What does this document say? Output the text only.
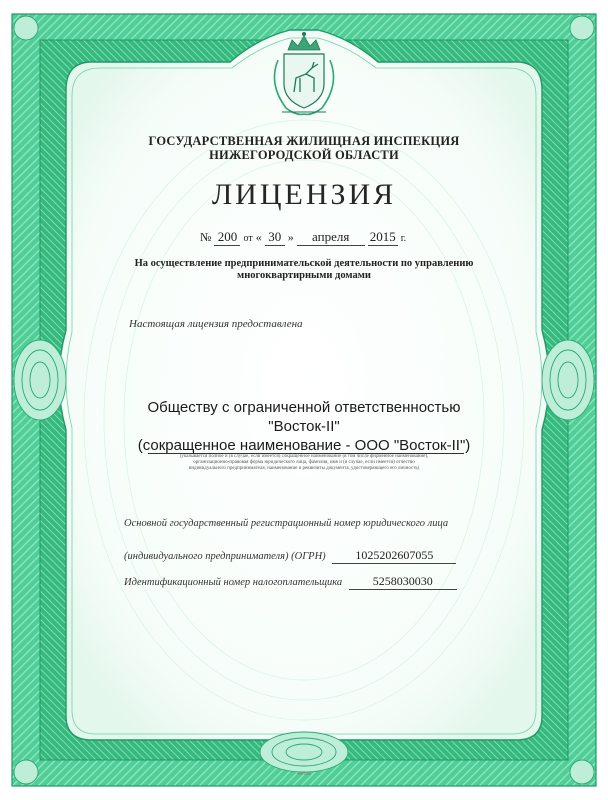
ГОСУДАРСТВЕННАЯ ЖИЛИЩНАЯ ИНСПЕКЦИЯ
НИЖЕГОРОДСКОЙ ОБЛАСТИ
ЛИЦЕНЗИЯ
№ 200 от « 30 » апреля 2015 г.
На осуществление предпринимательской деятельности по управлению
многоквартирными домами
Настоящая лицензия предоставлена
Обществу с ограниченной ответственностью
"Восток-II"
(сокращенное наименование - ООО "Восток-II")
(указывается полное и (в случае, если имеется) сокращенное наименование (в том числе фирменное наименование),
организационно-правовая форма юридического лица, фамилия, имя и (в случае, если имеется) отчество
индивидуального предпринимателя, наименование и реквизиты документа, удостоверяющего его личность)
Основной государственный регистрационный номер юридического лица
(индивидуального предпринимателя) (ОГРН) 1025202607055
Идентификационный номер налогоплательщика	5258030030
0001168
